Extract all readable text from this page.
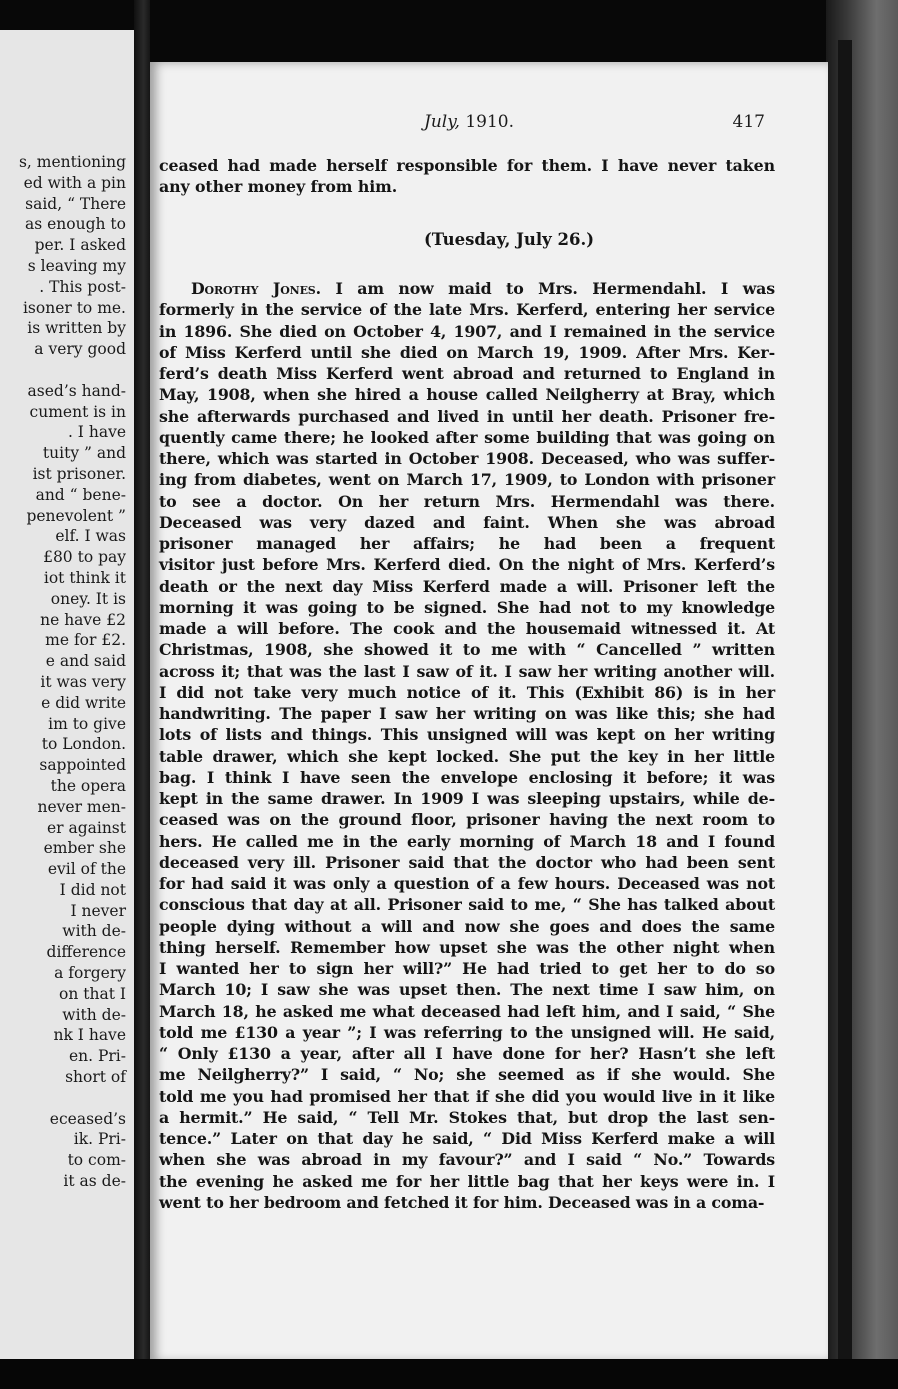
s, mentioning
ed with a pin
said, “ There
as enough to
per. I asked
s leaving my
. This post-
isoner to me.
is written by
a very good
ased’s hand-
cument is in
. I have
tuity ” and
ist prisoner.
and “ bene-
penevolent ”
elf. I was
£80 to pay
iot think it
oney. It is
ne have £2
me for £2.
e and said
it was very
e did write
im to give
to London.
sappointed
the opera
never men-
er against
ember she
evil of the
I did not
I never
with de-
difference
a forgery
on that I
with de-
nk I have
en. Pri-
short of
eceased’s
ik. Pri-
to com-
it as de-
July, 1910.	417
ceased had made herself responsible for them. I have never taken
any other money from him.
(Tuesday, July 26.)
Dorothy Jones. I am now maid to Mrs. Hermendahl. I was
formerly in the service of the late Mrs. Kerferd, entering her service
in 1896. She died on October 4, 1907, and I remained in the service
of Miss Kerferd until she died on March 19, 1909. After Mrs. Ker-
ferd’s death Miss Kerferd went abroad and returned to England in
May, 1908, when she hired a house called Neilgherry at Bray, which
she afterwards purchased and lived in until her death. Prisoner fre-
quently came there; he looked after some building that was going on
there, which was started in October 1908. Deceased, who was suffer-
ing from diabetes, went on March 17, 1909, to London with prisoner
to see a doctor. On her return Mrs. Hermendahl was there.
Deceased was very dazed and faint. When she was abroad
prisoner managed her affairs; he had been a frequent
visitor just before Mrs. Kerferd died. On the night of Mrs. Kerferd’s
death or the next day Miss Kerferd made a will. Prisoner left the
morning it was going to be signed. She had not to my knowledge
made a will before. The cook and the housemaid witnessed it. At
Christmas, 1908, she showed it to me with “ Cancelled ” written
across it; that was the last I saw of it. I saw her writing another will.
I did not take very much notice of it. This (Exhibit 86) is in her
handwriting. The paper I saw her writing on was like this; she had
lots of lists and things. This unsigned will was kept on her writing
table drawer, which she kept locked. She put the key in her little
bag. I think I have seen the envelope enclosing it before; it was
kept in the same drawer. In 1909 I was sleeping upstairs, while de-
ceased was on the ground floor, prisoner having the next room to
hers. He called me in the early morning of March 18 and I found
deceased very ill. Prisoner said that the doctor who had been sent
for had said it was only a question of a few hours. Deceased was not
conscious that day at all. Prisoner said to me, “ She has talked about
people dying without a will and now she goes and does the same
thing herself. Remember how upset she was the other night when
I wanted her to sign her will?” He had tried to get her to do so
March 10; I saw she was upset then. The next time I saw him, on
March 18, he asked me what deceased had left him, and I said, “ She
told me £130 a year ”; I was referring to the unsigned will. He said,
“ Only £130 a year, after all I have done for her? Hasn’t she left
me Neilgherry?” I said, “ No; she seemed as if she would. She
told me you had promised her that if she did you would live in it like
a hermit.” He said, “ Tell Mr. Stokes that, but drop the last sen-
tence.” Later on that day he said, “ Did Miss Kerferd make a will
when she was abroad in my favour?” and I said “ No.” Towards
the evening he asked me for her little bag that her keys were in. I
went to her bedroom and fetched it for him. Deceased was in a coma-
